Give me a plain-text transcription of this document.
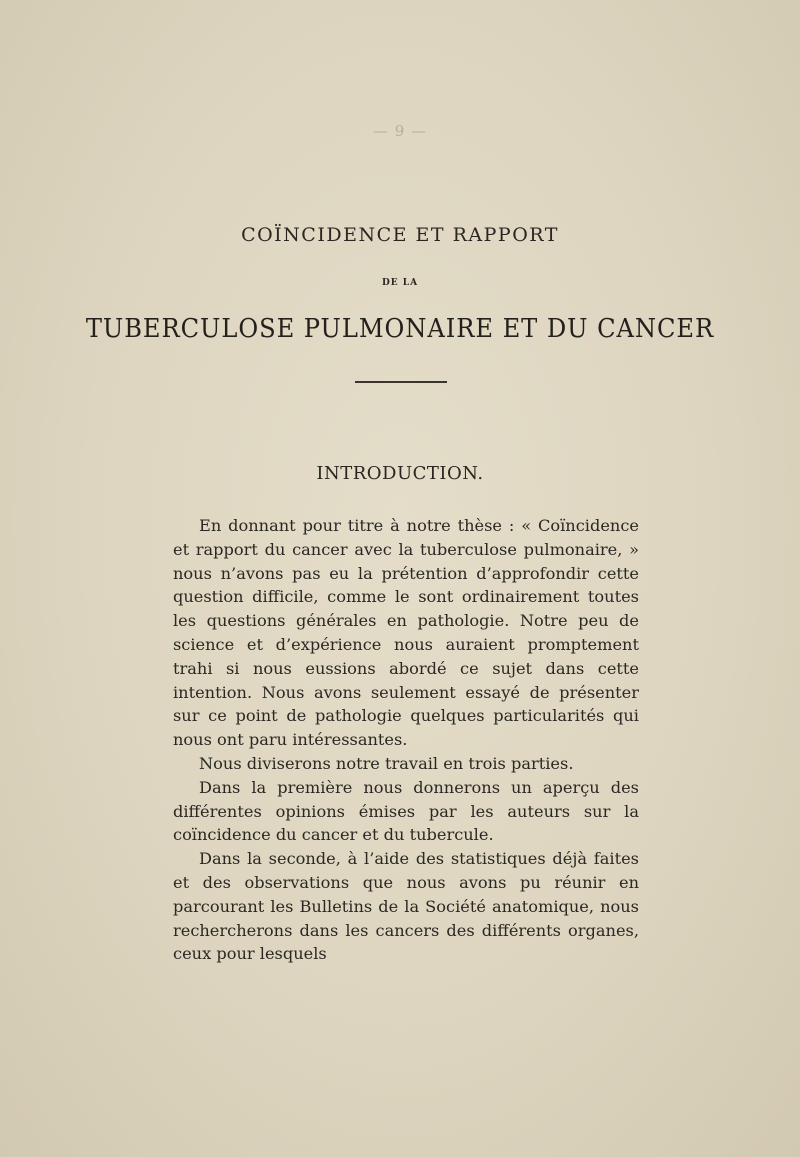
— 9 —
COÏNCIDENCE ET RAPPORT
DE LA
TUBERCULOSE PULMONAIRE ET DU CANCER
INTRODUCTION.

En donnant pour titre à notre thèse : « Coïncidence et rapport du cancer avec la tuberculose pulmonaire, » nous n’avons pas eu la prétention d’approfondir cette question difficile, comme le sont ordinairement toutes les questions générales en pathologie. Notre peu de science et d’expérience nous auraient promptement trahi si nous eussions abordé ce sujet dans cette intention. Nous avons seulement essayé de présenter sur ce point de pathologie quelques particularités qui nous ont paru intéressantes.

Nous diviserons notre travail en trois parties.

Dans la première nous donnerons un aperçu des différentes opinions émises par les auteurs sur la coïncidence du cancer et du tubercule.

Dans la seconde, à l’aide des statistiques déjà faites et des observations que nous avons pu réunir en parcourant les Bulletins de la Société anatomique, nous rechercherons dans les cancers des différents organes, ceux pour lesquels
